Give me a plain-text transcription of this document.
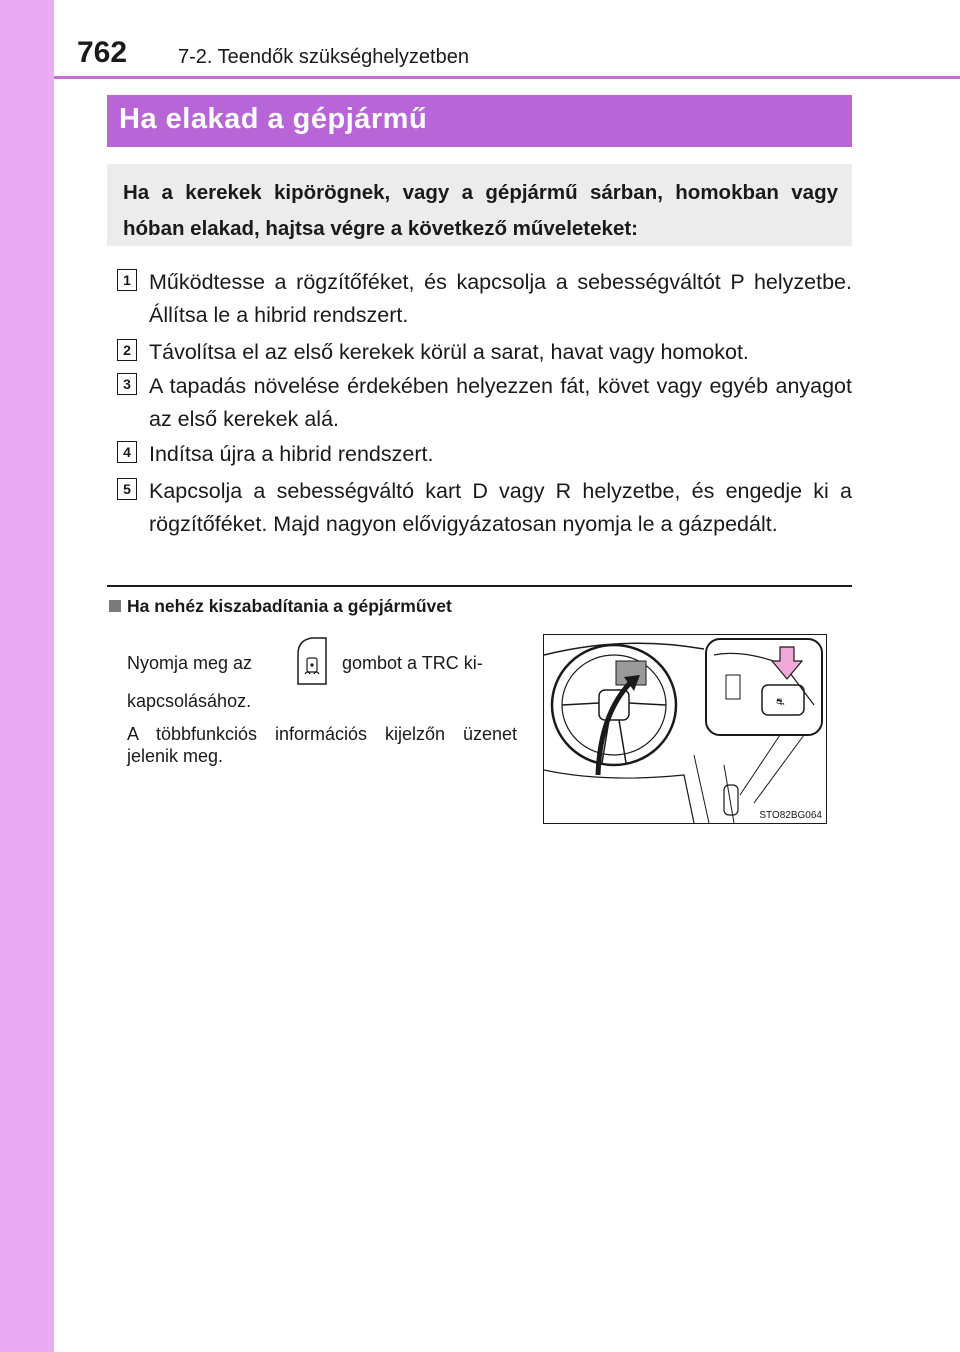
762	7-2. Teendők szükséghelyzetben
Ha elakad a gépjármű

Ha a kerekek kipörögnek, vagy a gépjármű sárban, homokban vagy hóban elakad, hajtsa végre a következő műveleteket:

1 Működtesse a rögzítőféket, és kapcsolja a sebességváltót P helyzetbe. Állítsa le a hibrid rendszert.
2 Távolítsa el az első kerekek körül a sarat, havat vagy homokot.
3 A tapadás növelése érdekében helyezzen fát, követ vagy egyéb anyagot az első kerekek alá.
4 Indítsa újra a hibrid rendszert.
5 Kapcsolja a sebességváltó kart D vagy R helyzetbe, és engedje ki a rögzítőféket. Majd nagyon elővigyázatosan nyomja le a gázpedált.
Ha nehéz kiszabadítania a gépjárművet
Nyomja meg az	gombot a TRC ki-
kapcsolásához.
A többfunkciós információs kijelzőn üzenet jelenik meg.
⛐
STO82BG064
